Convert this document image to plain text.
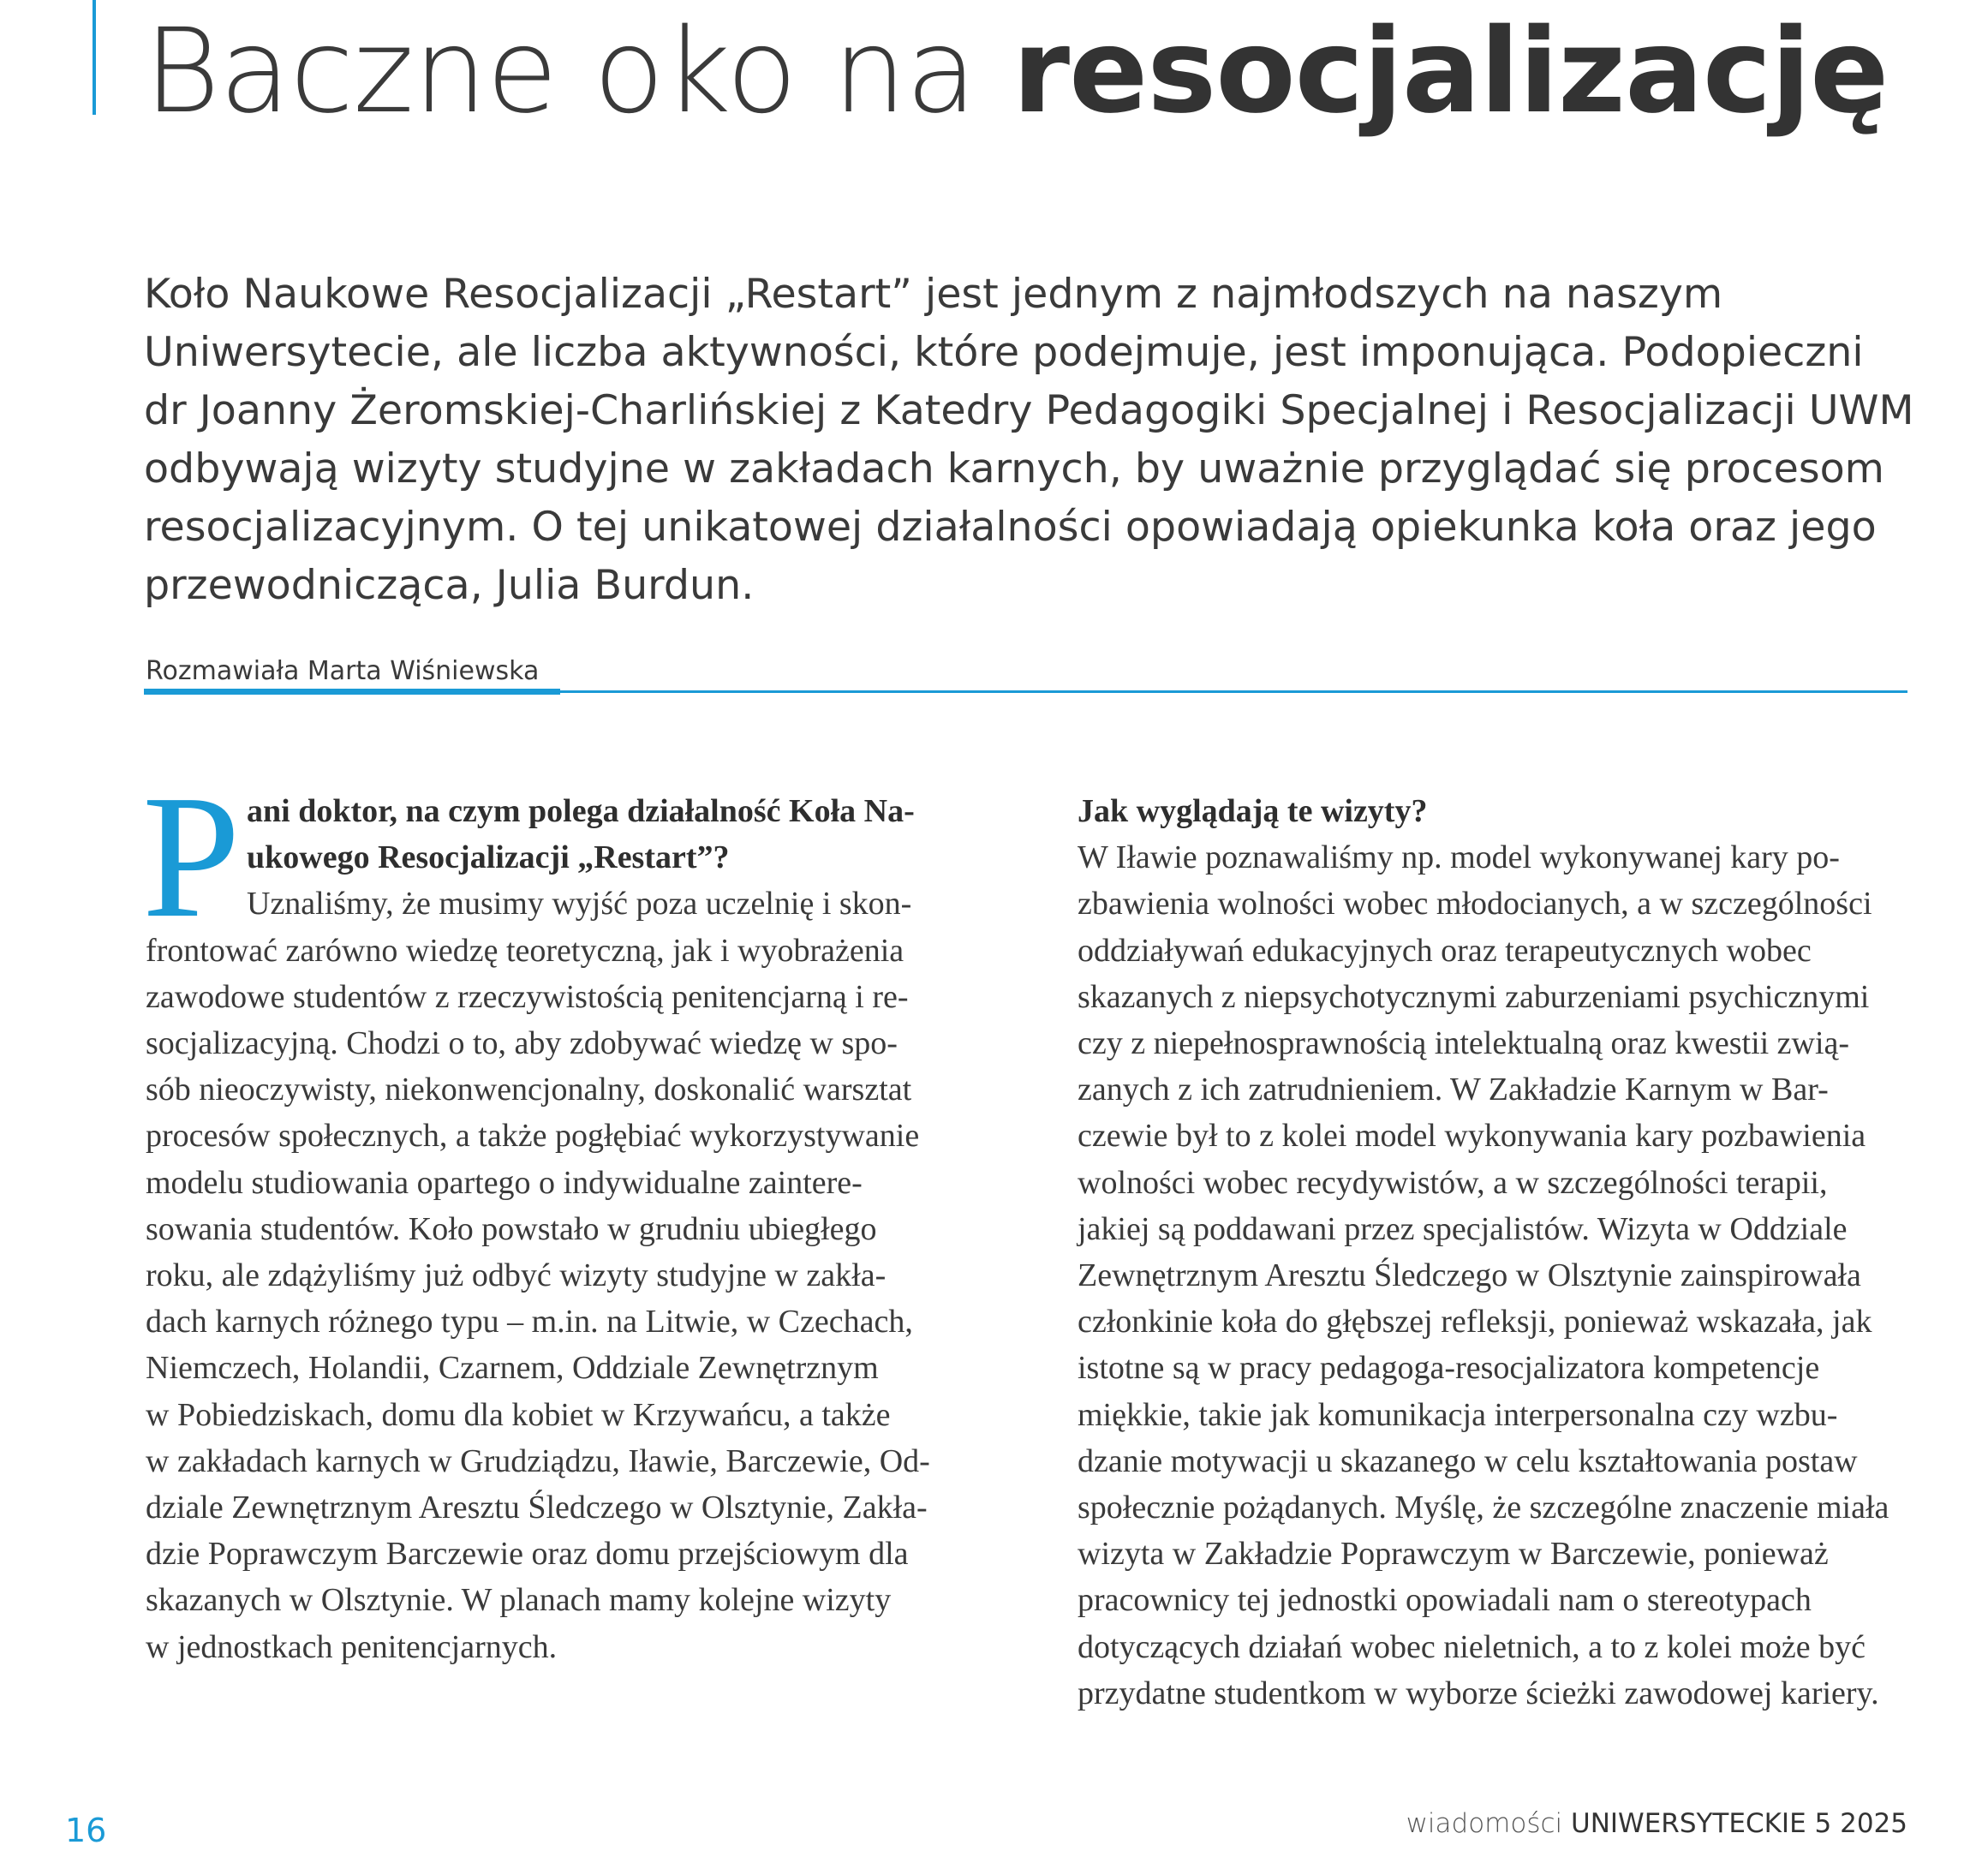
Baczne oko na resocjalizację

Koło Naukowe Resocjalizacji „Restart” jest jednym z najmłodszych na naszym
Uniwersytecie, ale liczba aktywności, które podejmuje, jest imponująca. Podopieczni
dr Joanny Żeromskiej-Charlińskiej z Katedry Pedagogiki Specjalnej i Resocjalizacji UWM
odbywają wizyty studyjne w zakładach karnych, by uważnie przyglądać się procesom
resocjalizacyjnym. O tej unikatowej działalności opowiadają opiekunka koła oraz jego
przewodnicząca, Julia Burdun.

Rozmawiała Marta Wiśniewska

P ani doktor, na czym polega działalność Koła Na-
ukowego Resocjalizacji „Restart”?
Uznaliśmy, że musimy wyjść poza uczelnię i skon-
frontować zarówno wiedzę teoretyczną, jak i wyobrażenia
zawodowe studentów z rzeczywistością penitencjarną i re-
socjalizacyjną. Chodzi o to, aby zdobywać wiedzę w spo-
sób nieoczywisty, niekonwencjonalny, doskonalić warsztat
procesów społecznych, a także pogłębiać wykorzystywanie
modelu studiowania opartego o indywidualne zaintere-
sowania studentów. Koło powstało w grudniu ubiegłego
roku, ale zdążyliśmy już odbyć wizyty studyjne w zakła-
dach karnych różnego typu – m.in. na Litwie, w Czechach,
Niemczech, Holandii, Czarnem, Oddziale Zewnętrznym
w Pobiedziskach, domu dla kobiet w Krzywańcu, a także
w zakładach karnych w Grudziądzu, Iławie, Barczewie, Od-
dziale Zewnętrznym Aresztu Śledczego w Olsztynie, Zakła-
dzie Poprawczym Barczewie oraz domu przejściowym dla
skazanych w Olsztynie. W planach mamy kolejne wizyty
w jednostkach penitencjarnych.
Jak wyglądają te wizyty?
W Iławie poznawaliśmy np. model wykonywanej kary po-
zbawienia wolności wobec młodocianych, a w szczególności
oddziaływań edukacyjnych oraz terapeutycznych wobec
skazanych z niepsychotycznymi zaburzeniami psychicznymi
czy z niepełnosprawnością intelektualną oraz kwestii zwią-
zanych z ich zatrudnieniem. W Zakładzie Karnym w Bar-
czewie był to z kolei model wykonywania kary pozbawienia
wolności wobec recydywistów, a w szczególności terapii,
jakiej są poddawani przez specjalistów. Wizyta w Oddziale
Zewnętrznym Aresztu Śledczego w Olsztynie zainspirowała
członkinie koła do głębszej refleksji, ponieważ wskazała, jak
istotne są w pracy pedagoga-resocjalizatora kompetencje
miękkie, takie jak komunikacja interpersonalna czy wzbu-
dzanie motywacji u skazanego w celu kształtowania postaw
społecznie pożądanych. Myślę, że szczególne znaczenie miała
wizyta w Zakładzie Poprawczym w Barczewie, ponieważ
pracownicy tej jednostki opowiadali nam o stereotypach
dotyczących działań wobec nieletnich, a to z kolei może być
przydatne studentkom w wyborze ścieżki zawodowej kariery.
16	wiadomości UNIWERSYTECKIE 5 2025
